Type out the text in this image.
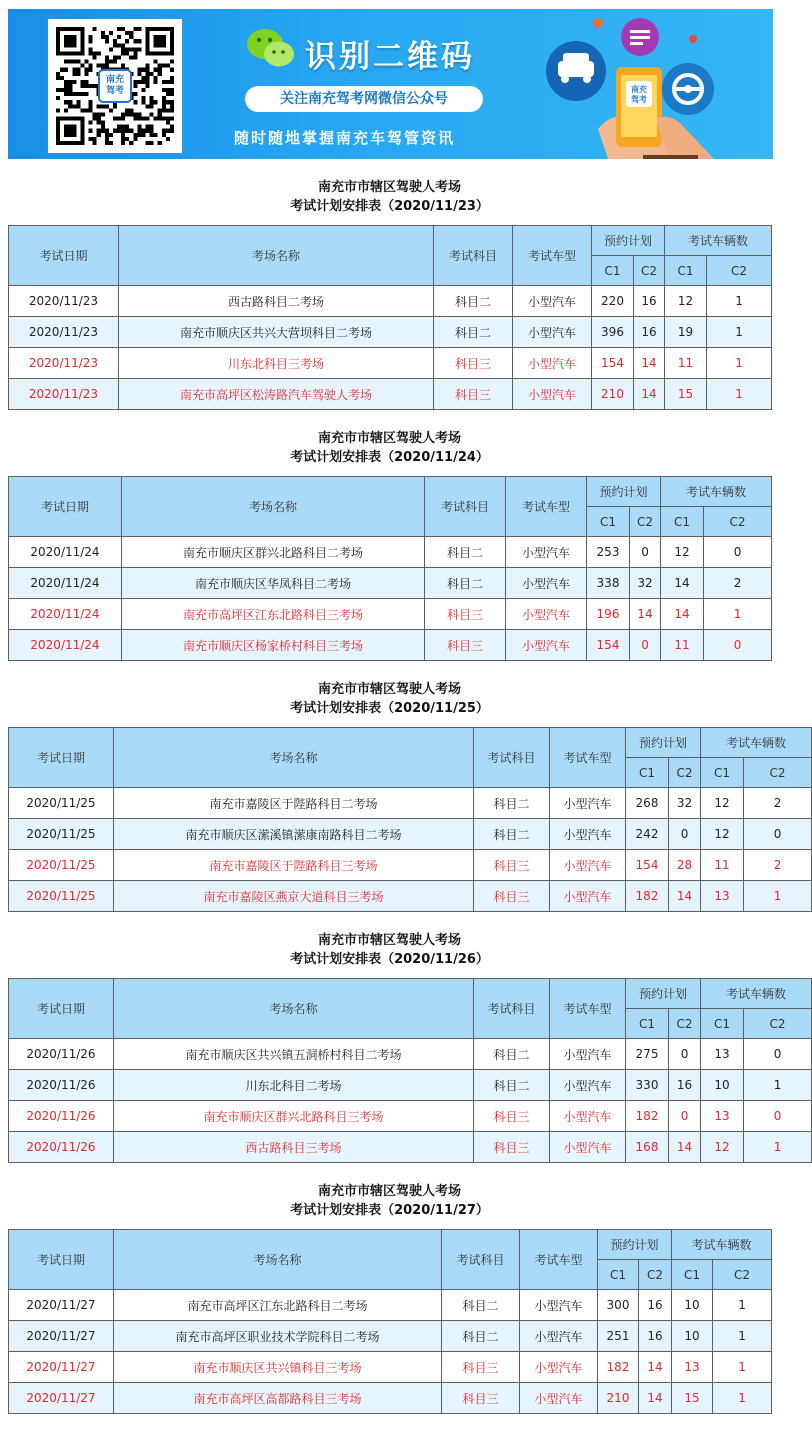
南充
驾考
识别二维码
关注南充驾考网微信公众号
随时随地掌握南充车驾管资讯
南充
驾考
南充市市辖区驾驶人考场
考试计划安排表（2020/11/23）
考试日期	考场名称	考试科目	考试车型	预约计划		考试车辆数	
				C1	C2	C1	C2
2020/11/23	西古路科目二考场	科目二	小型汽车	220	16	12	1
2020/11/23	南充市顺庆区共兴大营坝科目二考场	科目二	小型汽车	396	16	19	1
2020/11/23	川东北科目三考场	科目三	小型汽车	154	14	11	1
2020/11/23	南充市高坪区松涛路汽车驾驶人考场	科目三	小型汽车	210	14	15	1
南充市市辖区驾驶人考场
考试计划安排表（2020/11/24）
考试日期	考场名称	考试科目	考试车型	预约计划		考试车辆数	
				C1	C2	C1	C2
2020/11/24	南充市顺庆区群兴北路科目二考场	科目二	小型汽车	253	0	12	0
2020/11/24	南充市顺庆区华凤科目二考场	科目二	小型汽车	338	32	14	2
2020/11/24	南充市高坪区江东北路科目三考场	科目三	小型汽车	196	14	14	1
2020/11/24	南充市顺庆区杨家桥村科目三考场	科目三	小型汽车	154	0	11	0
南充市市辖区驾驶人考场
考试计划安排表（2020/11/25）
考试日期	考场名称	考试科目	考试车型	预约计划		考试车辆数	
				C1	C2	C1	C2
2020/11/25	南充市嘉陵区于陛路科目二考场	科目二	小型汽车	268	32	12	2
2020/11/25	南充市顺庆区潆溪镇潆康南路科目二考场	科目二	小型汽车	242	0	12	0
2020/11/25	南充市嘉陵区于陛路科目三考场	科目三	小型汽车	154	28	11	2
2020/11/25	南充市嘉陵区燕京大道科目三考场	科目三	小型汽车	182	14	13	1
南充市市辖区驾驶人考场
考试计划安排表（2020/11/26）
考试日期	考场名称	考试科目	考试车型	预约计划		考试车辆数	
				C1	C2	C1	C2
2020/11/26	南充市顺庆区共兴镇五洞桥村科目二考场	科目二	小型汽车	275	0	13	0
2020/11/26	川东北科目二考场	科目二	小型汽车	330	16	10	1
2020/11/26	南充市顺庆区群兴北路科目三考场	科目三	小型汽车	182	0	13	0
2020/11/26	西古路科目三考场	科目三	小型汽车	168	14	12	1
南充市市辖区驾驶人考场
考试计划安排表（2020/11/27）
考试日期	考场名称	考试科目	考试车型	预约计划		考试车辆数	
				C1	C2	C1	C2
2020/11/27	南充市高坪区江东北路科目二考场	科目二	小型汽车	300	16	10	1
2020/11/27	南充市高坪区职业技术学院科目二考场	科目二	小型汽车	251	16	10	1
2020/11/27	南充市顺庆区共兴镇科目三考场	科目三	小型汽车	182	14	13	1
2020/11/27	南充市高坪区高都路科目三考场	科目三	小型汽车	210	14	15	1
